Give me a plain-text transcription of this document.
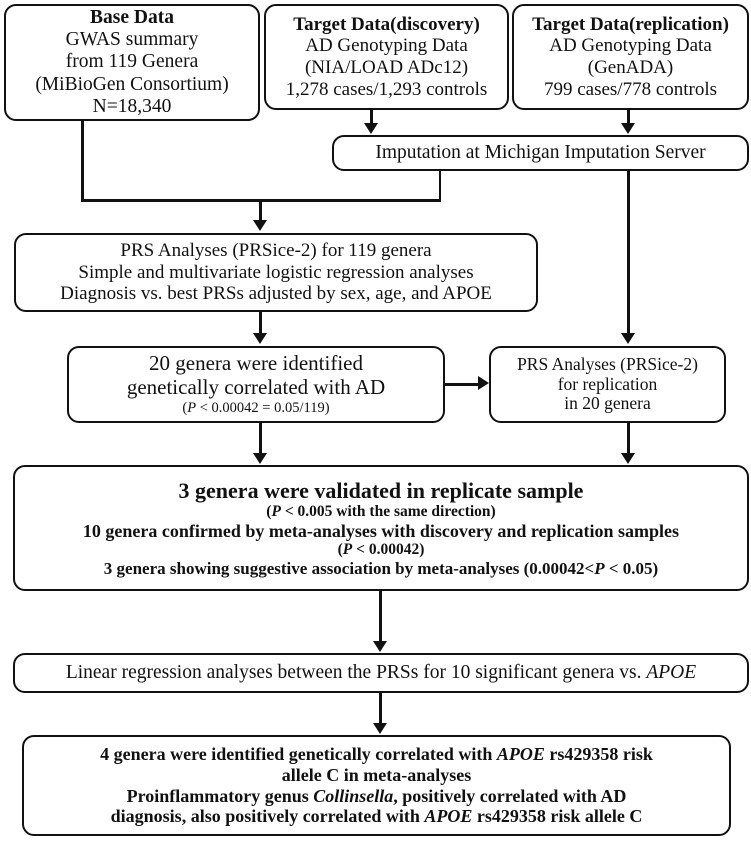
Base Data
GWAS summary
from 119 Genera
(MiBioGen Consortium)
N=18,340
Target Data(discovery)
AD Genotyping Data
(NIA/LOAD ADc12)
1,278 cases/1,293 controls
Target Data(replication)
AD Genotyping Data
(GenADA)
799 cases/778 controls
Imputation at Michigan Imputation Server
PRS Analyses (PRSice-2) for 119 genera
Simple and multivariate logistic regression analyses
Diagnosis vs. best PRSs adjusted by sex, age, and APOE
20 genera were identified
genetically correlated with AD
(P < 0.00042 = 0.05/119)
PRS Analyses (PRSice-2)
for replication
in 20 genera
3 genera were validated in replicate sample
(P < 0.005 with the same direction)
10 genera confirmed by meta-analyses with discovery and replication samples
(P < 0.00042)
3 genera showing suggestive association by meta-analyses (0.00042<P < 0.05)
Linear regression analyses between the PRSs for 10 significant genera vs. APOE
4 genera were identified genetically correlated with APOE rs429358 risk
allele C in meta-analyses
Proinflammatory genus Collinsella, positively correlated with AD
diagnosis, also positively correlated with APOE rs429358 risk allele C
